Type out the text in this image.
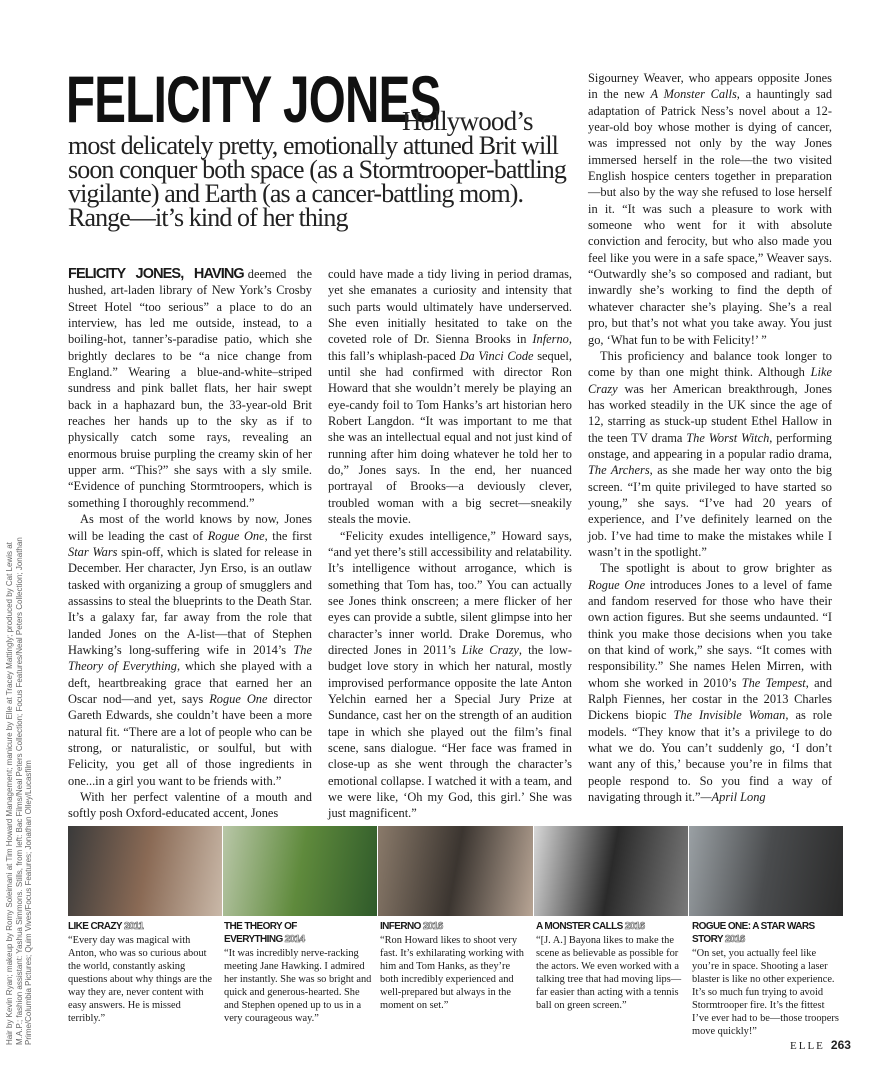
FELICITY JONES
Hollywood’s
most delicately pretty, emotionally attuned Brit will soon conquer both space (as a Stormtrooper-battling vigilante) and Earth (as a cancer-battling mom). Range—it’s kind of her thing

FELICITY JONES, HAVING deemed the hushed, art-laden library of New York’s Crosby Street Hotel “too serious” a place to do an interview, has led me outside, instead, to a boiling-hot, tanner’s-paradise patio, which she brightly declares to be “a nice change from England.” Wearing a blue-and-white–striped sundress and pink ballet flats, her hair swept back in a haphazard bun, the 33-year-old Brit reaches her hands up to the sky as if to physically catch some rays, revealing an enormous bruise purpling the creamy skin of her upper arm. “This?” she says with a sly smile. “Evidence of punching Stormtroopers, which is something I thoroughly recommend.”

As most of the world knows by now, Jones will be leading the cast of Rogue One, the first Star Wars spin-off, which is slated for release in December. Her character, Jyn Erso, is an outlaw tasked with organizing a group of smugglers and assassins to steal the blueprints to the Death Star. It’s a galaxy far, far away from the role that landed Jones on the A-list—that of Stephen Hawking’s long-suffering wife in 2014’s The Theory of Everything, which she played with a deft, heartbreaking grace that earned her an Oscar nod—and yet, says Rogue One director Gareth Edwards, she couldn’t have been a more natural fit. “There are a lot of people who can be strong, or naturalistic, or soulful, but with Felicity, you get all of those ingredients in one...in a girl you want to be friends with.”

With her perfect valentine of a mouth and softly posh Oxford-educated accent, Jones

could have made a tidy living in period dramas, yet she emanates a curiosity and intensity that such parts would ultimately have underserved. She even initially hesitated to take on the coveted role of Dr. Sienna Brooks in Inferno, this fall’s whiplash-paced Da Vinci Code sequel, until she had confirmed with director Ron Howard that she wouldn’t merely be playing an eye-candy foil to Tom Hanks’s art historian hero Robert Langdon. “It was important to me that she was an intellectual equal and not just kind of running after him doing whatever he told her to do,” Jones says. In the end, her nuanced portrayal of Brooks—a deviously clever, troubled woman with a big secret—sneakily steals the movie.

“Felicity exudes intelligence,” Howard says, “and yet there’s still accessibility and relatability. It’s intelligence without arrogance, which is something that Tom has, too.” You can actually see Jones think onscreen; a mere flicker of her eyes can provide a subtle, silent glimpse into her character’s inner world. Drake Doremus, who directed Jones in 2011’s Like Crazy, the low-budget love story in which her natural, mostly improvised performance opposite the late Anton Yelchin earned her a Special Jury Prize at Sundance, cast her on the strength of an audition tape in which she played out the film’s final scene, sans dialogue. “Her face was framed in close-up as she went through the character’s emotional collapse. I watched it with a team, and we were like, ‘Oh my God, this girl.’ She was just magnificent.”

Sigourney Weaver, who appears opposite Jones in the new A Monster Calls, a hauntingly sad adaptation of Patrick Ness’s novel about a 12-year-old boy whose mother is dying of cancer, was impressed not only by the way Jones immersed herself in the role—the two visited English hospice centers together in preparation—but also by the way she refused to lose herself in it. “It was such a pleasure to work with someone who went for it with absolute conviction and ferocity, but who also made you feel like you were in a safe space,” Weaver says. “Outwardly she’s so composed and radiant, but inwardly she’s working to find the depth of whatever character she’s playing. She’s a real pro, but that’s not what you take away. You just go, ‘What fun to be with Felicity!’ ”

This proficiency and balance took longer to come by than one might think. Although Like Crazy was her American breakthrough, Jones has worked steadily in the UK since the age of 12, starring as stuck-up student Ethel Hallow in the teen TV drama The Worst Witch, performing onstage, and appearing in a popular radio drama, The Archers, as she made her way onto the big screen. “I’m quite privileged to have started so young,” she says. “I’ve had 20 years of experience, and I’ve definitely learned on the job. I’ve had time to make the mistakes while I wasn’t in the spotlight.”

The spotlight is about to grow brighter as Rogue One introduces Jones to a level of fame and fandom reserved for those who have their own action figures. But she seems undaunted. “I think you make those decisions when you take on that kind of work,” she says. “It comes with responsibility.” She names Helen Mirren, with whom she worked in 2010’s The Tempest, and Ralph Fiennes, her costar in the 2013 Charles Dickens biopic The Invisible Woman, as role models. “They know that it’s a privilege to do what we do. You can’t suddenly go, ‘I don’t want any of this,’ because you’re in films that people respond to. So you find a way of navigating through it.”—April Long

LIKE CRAZY 2011
“Every day was magical with Anton, who was so curious about the world, constantly asking questions about why things are the way they are, never content with easy answers. He is missed terribly.”
THE THEORY OF EVERYTHING 2014
“It was incredibly nerve-racking meeting Jane Hawking. I admired her instantly. She was so bright and quick and generous-hearted. She and Stephen opened up to us in a very courageous way.”
INFERNO 2016
“Ron Howard likes to shoot very fast. It’s exhilarating working with him and Tom Hanks, as they’re both incredibly experienced and well-prepared but always in the moment on set.”
A MONSTER CALLS 2016
“[J. A.] Bayona likes to make the scene as believable as possible for the actors. We even worked with a talking tree that had moving lips—far easier than acting with a tennis ball on green screen.”
ROGUE ONE: A STAR WARS STORY 2016
“On set, you actually feel like you’re in space. Shooting a laser blaster is like no other experience. It’s so much fun trying to avoid Stormtrooper fire. It’s the fittest I’ve ever had to be—those troopers move quickly!”
Hair by Kevin Ryan; makeup by Romy Soleimani at Tim Howard Management; manicure by Elle at Tracey Mattingly; produced by Cat Lewis at M.A.P.; fashion assistant: Yashua Simmons. Stills, from left: Bac Films/Neal Peters Collection; Focus Features/Neal Peters Collection; Jonathan Prime/Columbia Pictures; Quim Vives/Focus Features; Jonathan Olley/Lucasfilm
ELLE 263
